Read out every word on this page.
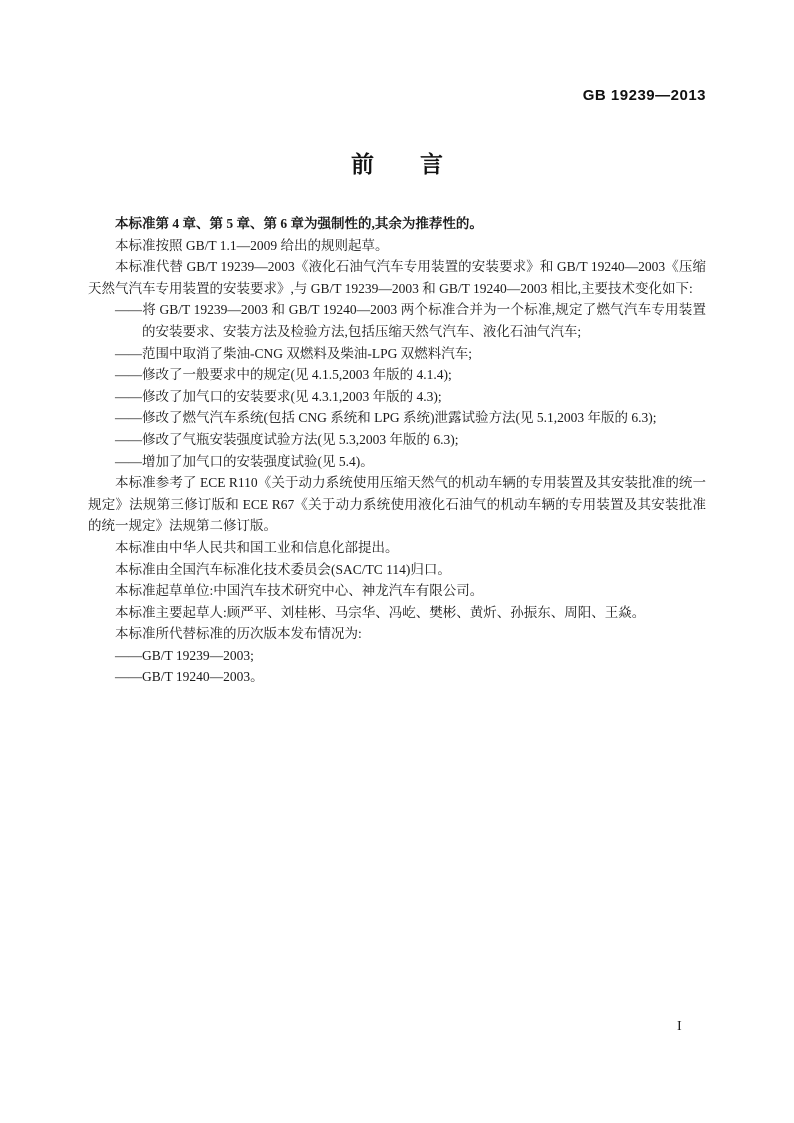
GB 19239—2013
前　　言

本标准第 4 章、第 5 章、第 6 章为强制性的,其余为推荐性的。

本标准按照 GB/T 1.1—2009 给出的规则起草。

本标准代替 GB/T 19239—2003《液化石油气汽车专用装置的安装要求》和 GB/T 19240—2003《压缩天然气汽车专用装置的安装要求》,与 GB/T 19239—2003 和 GB/T 19240—2003 相比,主要技术变化如下:

——将 GB/T 19239—2003 和 GB/T 19240—2003 两个标准合并为一个标准,规定了燃气汽车专用装置的安装要求、安装方法及检验方法,包括压缩天然气汽车、液化石油气汽车;

——范围中取消了柴油-CNG 双燃料及柴油-LPG 双燃料汽车;

——修改了一般要求中的规定(见 4.1.5,2003 年版的 4.1.4);

——修改了加气口的安装要求(见 4.3.1,2003 年版的 4.3);

——修改了燃气汽车系统(包括 CNG 系统和 LPG 系统)泄露试验方法(见 5.1,2003 年版的 6.3);

——修改了气瓶安装强度试验方法(见 5.3,2003 年版的 6.3);

——增加了加气口的安装强度试验(见 5.4)。

本标准参考了 ECE R110《关于动力系统使用压缩天然气的机动车辆的专用装置及其安装批准的统一规定》法规第三修订版和 ECE R67《关于动力系统使用液化石油气的机动车辆的专用装置及其安装批准的统一规定》法规第二修订版。

本标准由中华人民共和国工业和信息化部提出。

本标准由全国汽车标准化技术委员会(SAC/TC 114)归口。

本标准起草单位:中国汽车技术研究中心、神龙汽车有限公司。

本标准主要起草人:顾严平、刘桂彬、马宗华、冯屹、樊彬、黄炘、孙振东、周阳、王焱。

本标准所代替标准的历次版本发布情况为:

——GB/T 19239—2003;

——GB/T 19240—2003。

I
